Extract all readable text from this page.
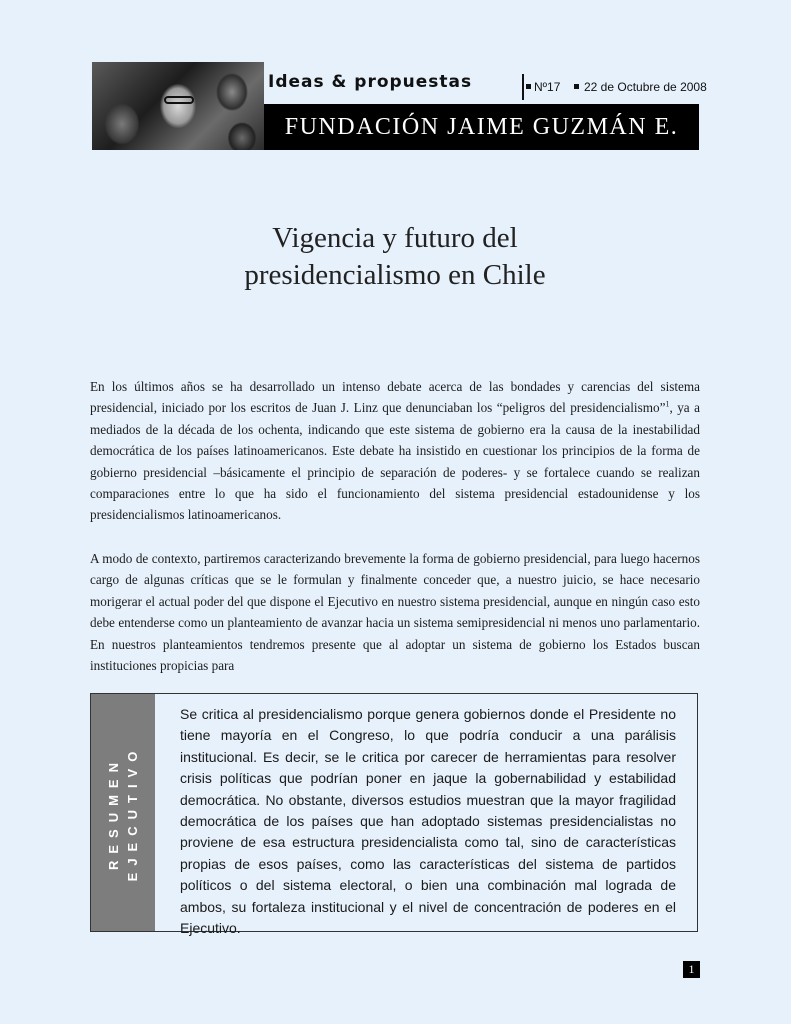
Ideas & propuestas	Nº17 22 de Octubre de 2008
FUNDACIÓN JAIME GUZMÁN E.
Vigencia y futuro del
presidencialismo en Chile
En los últimos años se ha desarrollado un intenso debate acerca de las bondades y carencias del sistema presidencial, iniciado por los escritos de Juan J. Linz que denunciaban los “peligros del presidencialismo”$^1$, ya a mediados de la década de los ochenta, indicando que este sistema de gobierno era la causa de la inestabilidad democrática de los países latinoamericanos. Este debate ha insistido en cuestionar los principios de la forma de gobierno presidencial –básicamente el principio de separación de poderes- y se fortalece cuando se realizan comparaciones entre lo que ha sido el funcionamiento del sistema presidencial estadounidense y los presidencialismos latinoamericanos.
A modo de contexto, partiremos caracterizando brevemente la forma de gobierno presidencial, para luego hacernos cargo de algunas críticas que se le formulan y finalmente conceder que, a nuestro juicio, se hace necesario morigerar el actual poder del que dispone el Ejecutivo en nuestro sistema presidencial, aunque en ningún caso esto debe entenderse como un planteamiento de avanzar hacia un sistema semipresidencial ni menos uno parlamentario. En nuestros planteamientos tendremos presente que al adoptar un sistema de gobierno los Estados buscan instituciones propicias para
RESUMEN EJECUTIVO
Se critica al presidencialismo porque genera gobiernos donde el Presidente no tiene mayoría en el Congreso, lo que podría conducir a una parálisis institucional. Es decir, se le critica por carecer de herramientas para resolver crisis políticas que podrían poner en jaque la gobernabilidad y estabilidad democrática. No obstante, diversos estudios muestran que la mayor fragilidad democrática de los países que han adoptado sistemas presidencialistas no proviene de esa estructura presidencialista como tal, sino de características propias de esos países, como las características del sistema de partidos políticos o del sistema electoral, o bien una combinación mal lograda de ambos, su fortaleza institucional y el nivel de concentración de poderes en el Ejecutivo.
1
